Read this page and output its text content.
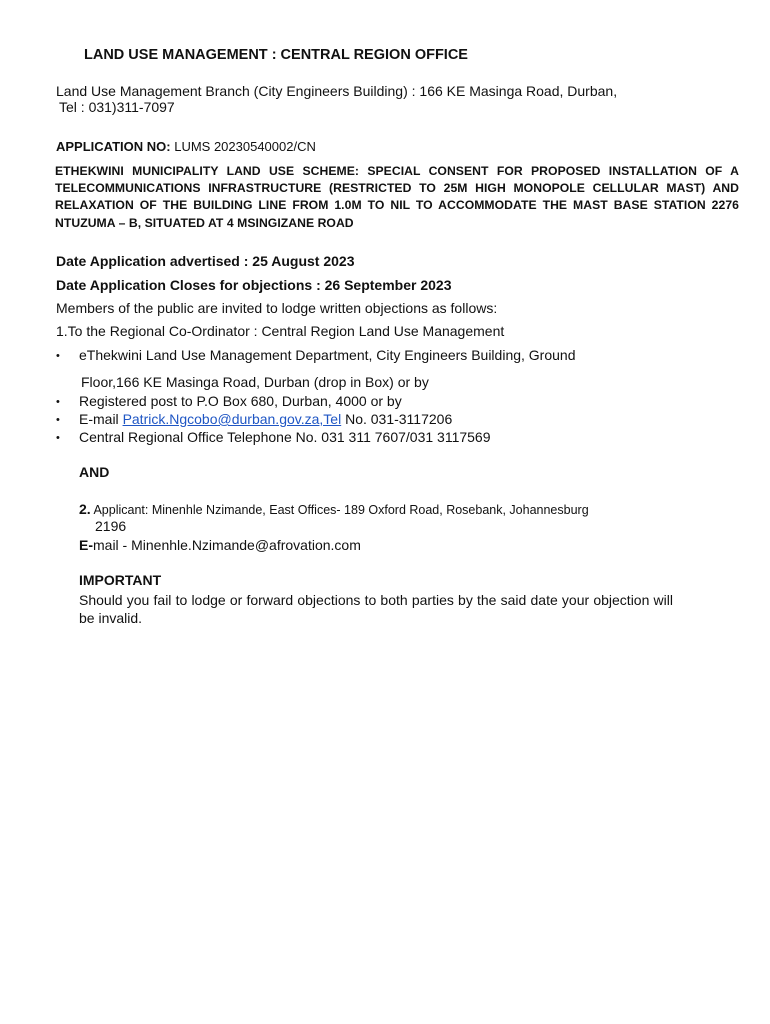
LAND USE MANAGEMENT : CENTRAL REGION OFFICE
Land Use Management Branch (City Engineers Building) : 166 KE Masinga Road, Durban,
Tel : 031)311-7097
APPLICATION NO: LUMS 20230540002/CN
ETHEKWINI MUNICIPALITY LAND USE SCHEME: SPECIAL CONSENT FOR PROPOSED INSTALLATION OF A TELECOMMUNICATIONS INFRASTRUCTURE (RESTRICTED TO 25M HIGH MONOPOLE CELLULAR MAST) AND RELAXATION OF THE BUILDING LINE FROM 1.0M TO NIL TO ACCOMMODATE THE MAST BASE STATION 2276 NTUZUMA – B, SITUATED AT 4 MSINGIZANE ROAD
Date Application advertised : 25 August 2023
Date Application Closes for objections : 26 September 2023
Members of the public are invited to lodge written objections as follows:
1.To the Regional Co-Ordinator : Central Region Land Use Management
• eThekwini Land Use Management Department, City Engineers Building, Ground
Floor,166 KE Masinga Road, Durban (drop in Box) or by
• Registered post to P.O Box 680, Durban, 4000 or by
• E-mail Patrick.Ngcobo@durban.gov.za,Tel No. 031-3117206
• Central Regional Office Telephone No. 031 311 7607/031 3117569
AND
2. Applicant: Minenhle Nzimande, East Offices- 189 Oxford Road, Rosebank, Johannesburg
2196
E-mail - Minenhle.Nzimande@afrovation.com
IMPORTANT
Should you fail to lodge or forward objections to both parties by the said date your objection will be invalid.
